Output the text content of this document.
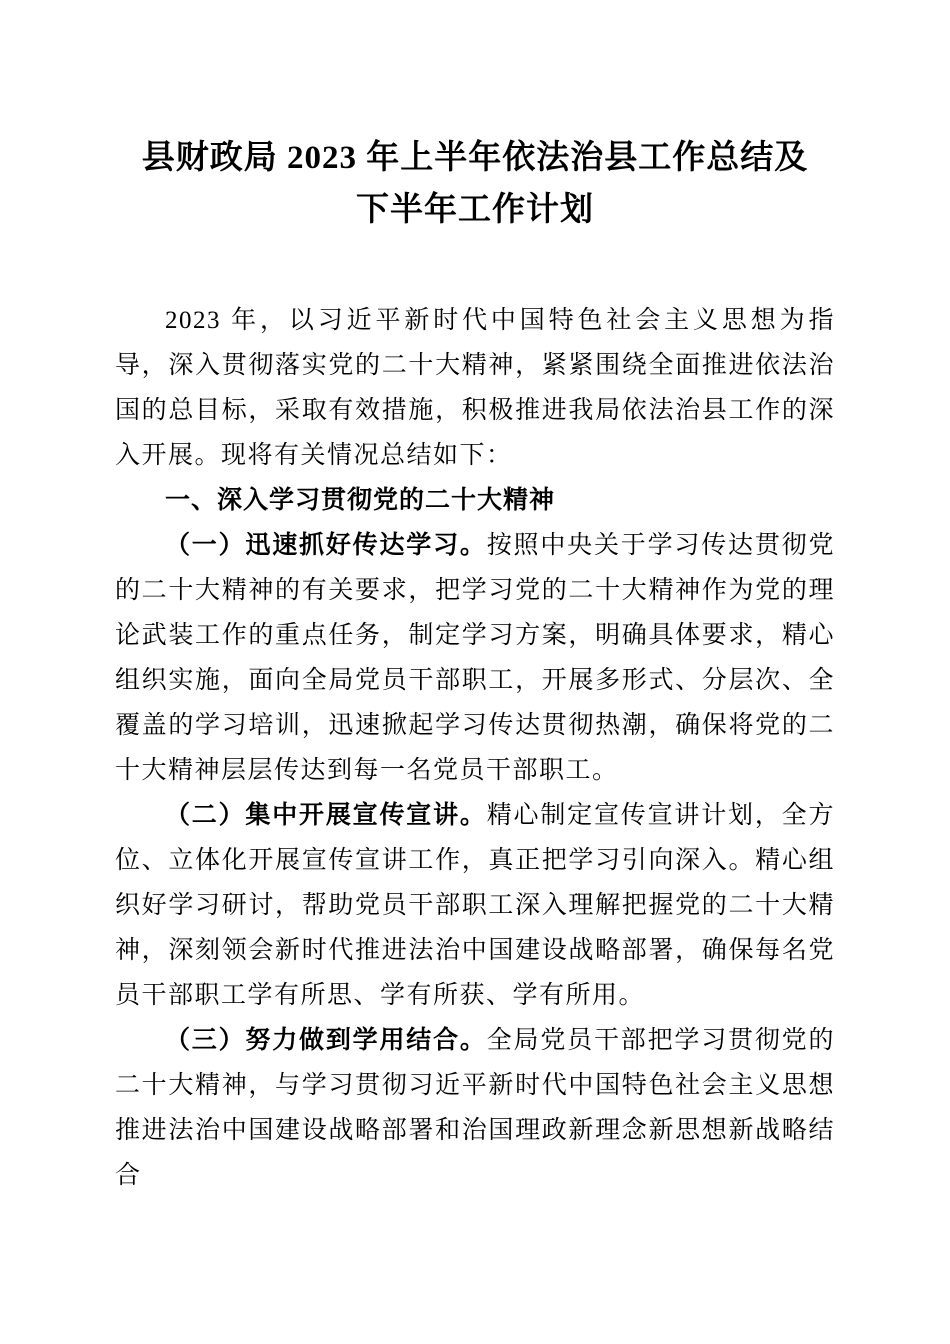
县财政局 2023 年上半年依法治县工作总结及
下半年工作计划

2023 年，以习近平新时代中国特色社会主义思想为指导，深入贯彻落实党的二十大精神，紧紧围绕全面推进依法治国的总目标，采取有效措施，积极推进我局依法治县工作的深入开展。现将有关情况总结如下：

一、深入学习贯彻党的二十大精神

（一）迅速抓好传达学习。按照中央关于学习传达贯彻党的二十大精神的有关要求，把学习党的二十大精神作为党的理论武装工作的重点任务，制定学习方案，明确具体要求，精心组织实施，面向全局党员干部职工，开展多形式、分层次、全覆盖的学习培训，迅速掀起学习传达贯彻热潮，确保将党的二十大精神层层传达到每一名党员干部职工。

（二）集中开展宣传宣讲。精心制定宣传宣讲计划，全方位、立体化开展宣传宣讲工作，真正把学习引向深入。精心组织好学习研讨，帮助党员干部职工深入理解把握党的二十大精神，深刻领会新时代推进法治中国建设战略部署，确保每名党员干部职工学有所思、学有所获、学有所用。

（三）努力做到学用结合。全局党员干部把学习贯彻党的二十大精神，与学习贯彻习近平新时代中国特色社会主义思想推进法治中国建设战略部署和治国理政新理念新思想新战略结合
